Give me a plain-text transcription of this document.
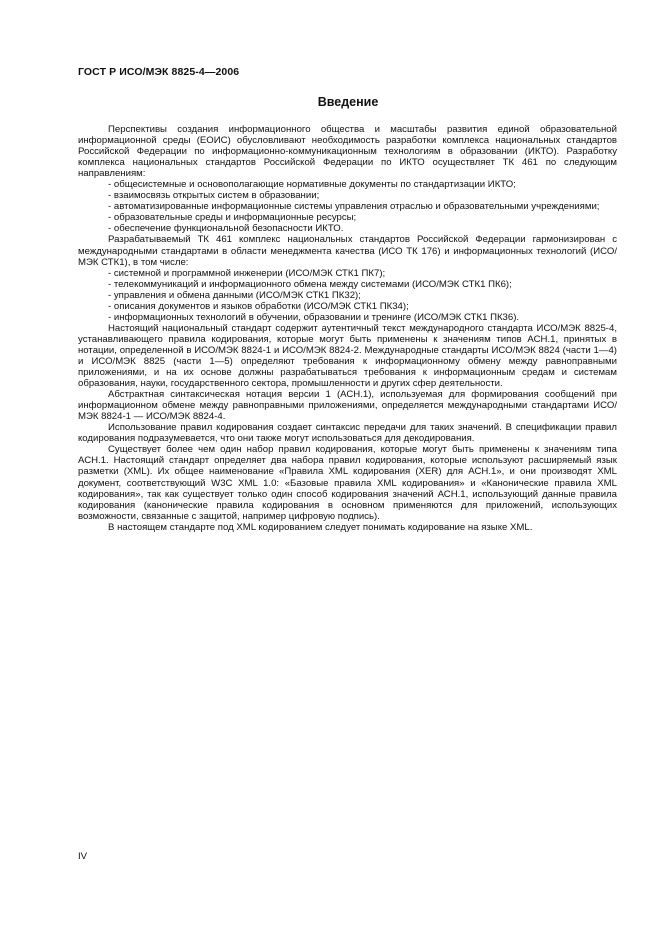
ГОСТ Р ИСО/МЭК 8825-4—2006
Введение

Перспективы создания информационного общества и масштабы развития единой образовательной информационной среды (ЕОИС) обусловливают необходимость разработки комплекса национальных стандартов Российской Федерации по информационно-коммуникационным технологиям в образовании (ИКТО). Разработку комплекса национальных стандартов Российской Федерации по ИКТО осуществляет ТК 461 по следующим направлениям:

- общесистемные и основополагающие нормативные документы по стандартизации ИКТО;

- взаимосвязь открытых систем в образовании;

- автоматизированные информационные системы управления отраслью и образовательными учреждениями;

- образовательные среды и информационные ресурсы;

- обеспечение функциональной безопасности ИКТО.

Разрабатываемый ТК 461 комплекс национальных стандартов Российской Федерации гармонизирован с международными стандартами в области менеджмента качества (ИСО ТК 176) и информационных технологий (ИСО/МЭК СТК1), в том числе:

- системной и программной инженерии (ИСО/МЭК СТК1 ПК7);

- телекоммуникаций и информационного обмена между системами (ИСО/МЭК СТК1 ПК6);

- управления и обмена данными (ИСО/МЭК СТК1 ПК32);

- описания документов и языков обработки (ИСО/МЭК СТК1 ПК34);

- информационных технологий в обучении, образовании и тренинге (ИСО/МЭК СТК1 ПК36).

Настоящий национальный стандарт содержит аутентичный текст международного стандарта ИСО/МЭК 8825-4, устанавливающего правила кодирования, которые могут быть применены к значениям типов АСН.1, принятых в нотации, определенной в ИСО/МЭК 8824-1 и ИСО/МЭК 8824-2. Международные стандарты ИСО/МЭК 8824 (части 1—4) и ИСО/МЭК 8825 (части 1—5) определяют требования к информационному обмену между равноправными приложениями, и на их основе должны разрабатываться требования к информационным средам и системам образования, науки, государственного сектора, промышленности и других сфер деятельности.

Абстрактная синтаксическая нотация версии 1 (АСН.1), используемая для формирования сообщений при информационном обмене между равноправными приложениями, определяется международными стандартами ИСО/МЭК 8824-1 — ИСО/МЭК 8824-4.

Использование правил кодирования создает синтаксис передачи для таких значений. В спецификации правил кодирования подразумевается, что они также могут использоваться для декодирования.

Существует более чем один набор правил кодирования, которые могут быть применены к значениям типа АСН.1. Настоящий стандарт определяет два набора правил кодирования, которые используют расширяемый язык разметки (XML). Их общее наименование «Правила XML кодирования (XER) для АСН.1», и они производят XML документ, соответствующий W3C XML 1.0: «Базовые правила XML кодирования» и «Канонические правила XML кодирования», так как существует только один способ кодирования значений АСН.1, использующий данные правила кодирования (канонические правила кодирования в основном применяются для приложений, использующих возможности, связанные с защитой, например цифровую подпись).

В настоящем стандарте под XML кодированием следует понимать кодирование на языке XML.

IV
